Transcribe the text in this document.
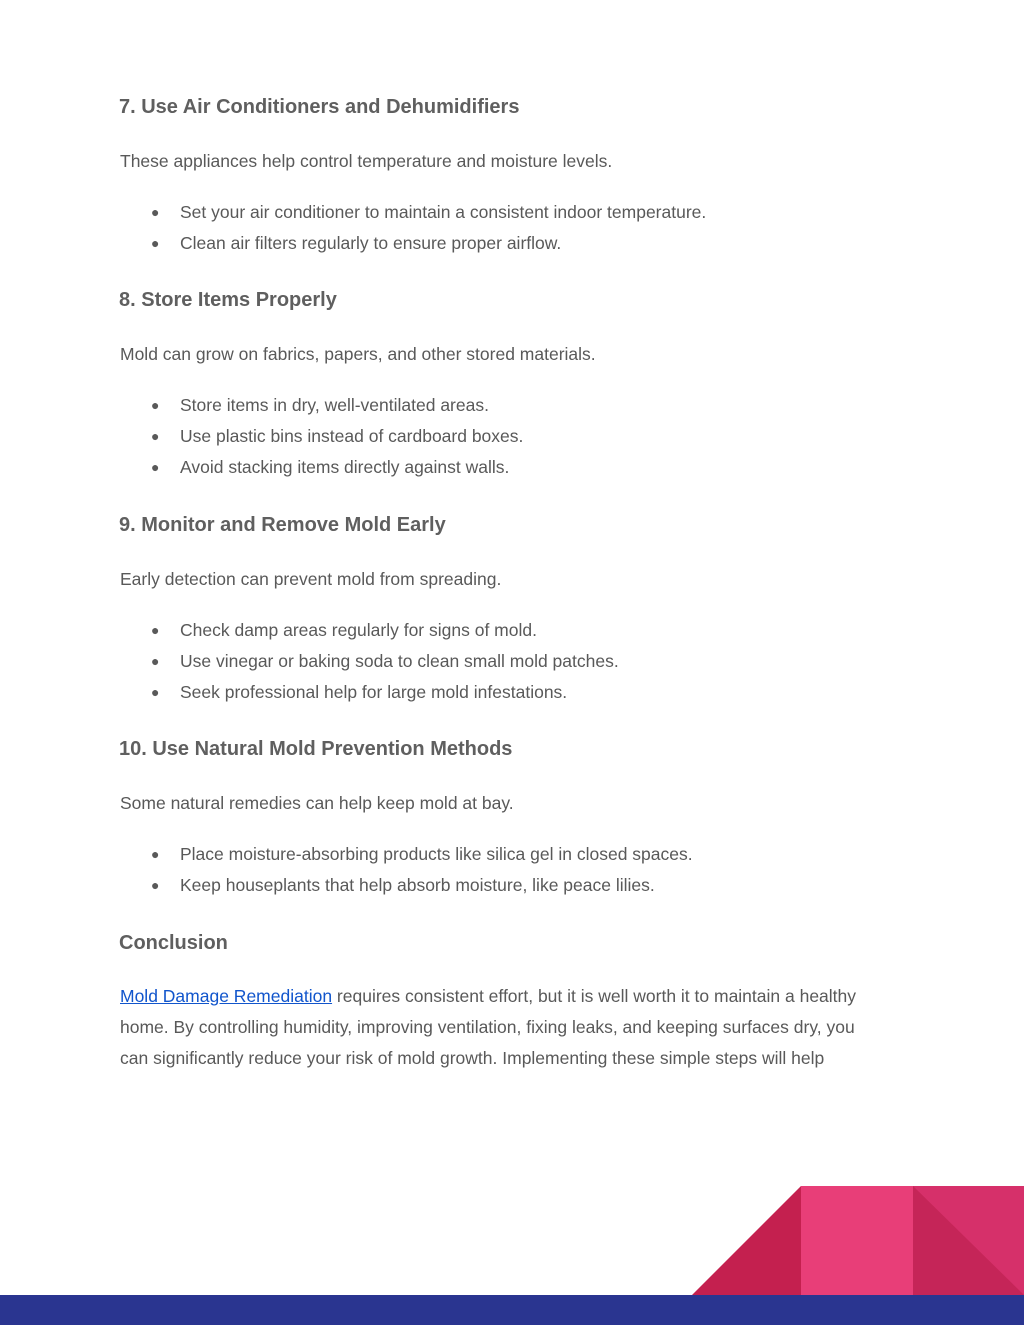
7. Use Air Conditioners and Dehumidifiers

These appliances help control temperature and moisture levels.

● Set your air conditioner to maintain a consistent indoor temperature.
● Clean air filters regularly to ensure proper airflow.
8. Store Items Properly

Mold can grow on fabrics, papers, and other stored materials.

● Store items in dry, well-ventilated areas.
● Use plastic bins instead of cardboard boxes.
● Avoid stacking items directly against walls.
9. Monitor and Remove Mold Early

Early detection can prevent mold from spreading.

● Check damp areas regularly for signs of mold.
● Use vinegar or baking soda to clean small mold patches.
● Seek professional help for large mold infestations.
10. Use Natural Mold Prevention Methods

Some natural remedies can help keep mold at bay.

● Place moisture-absorbing products like silica gel in closed spaces.
● Keep houseplants that help absorb moisture, like peace lilies.
Conclusion
Mold Damage Remediation requires consistent effort, but it is well worth it to maintain a healthy
home. By controlling humidity, improving ventilation, fixing leaks, and keeping surfaces dry, you
can significantly reduce your risk of mold growth. Implementing these simple steps will help
